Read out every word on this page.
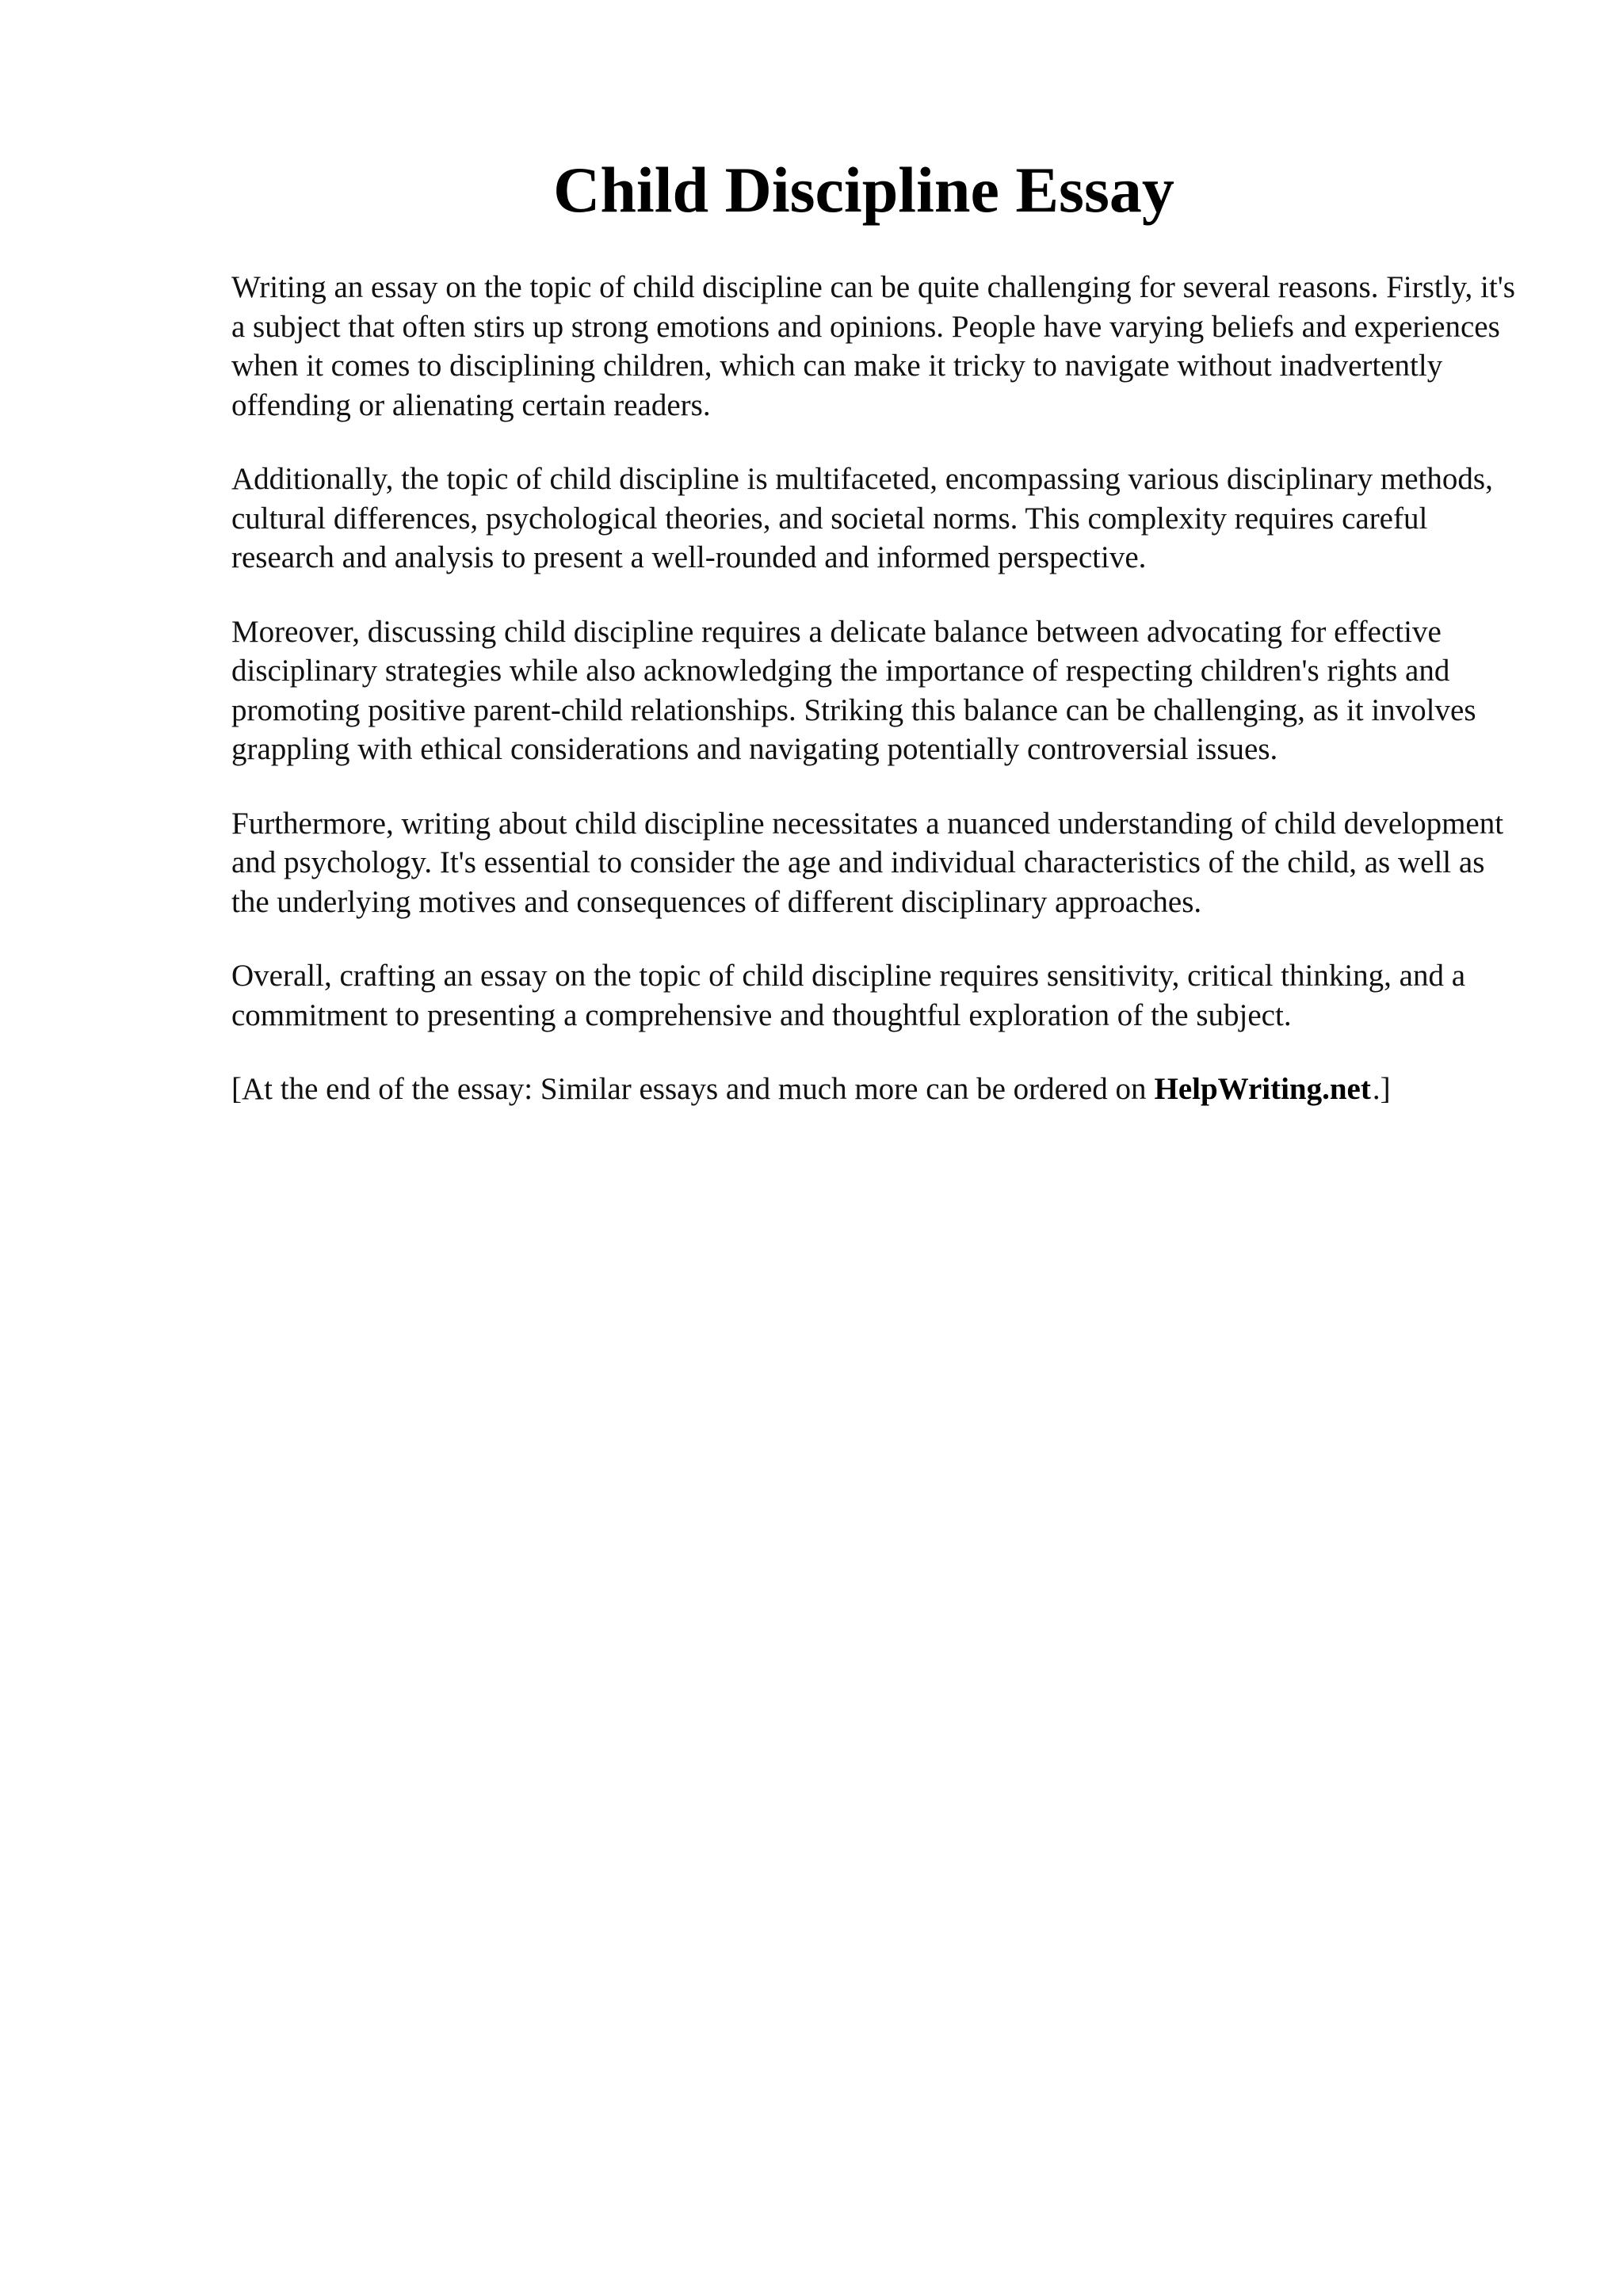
Child Discipline Essay

Writing an essay on the topic of child discipline can be quite challenging for several reasons. Firstly, it's a subject that often stirs up strong emotions and opinions. People have varying beliefs and experiences when it comes to disciplining children, which can make it tricky to navigate without inadvertently offending or alienating certain readers.

Additionally, the topic of child discipline is multifaceted, encompassing various disciplinary methods, cultural differences, psychological theories, and societal norms. This complexity requires careful research and analysis to present a well-rounded and informed perspective.

Moreover, discussing child discipline requires a delicate balance between advocating for effective disciplinary strategies while also acknowledging the importance of respecting children's rights and promoting positive parent-child relationships. Striking this balance can be challenging, as it involves grappling with ethical considerations and navigating potentially controversial issues.

Furthermore, writing about child discipline necessitates a nuanced understanding of child development and psychology. It's essential to consider the age and individual characteristics of the child, as well as the underlying motives and consequences of different disciplinary approaches.

Overall, crafting an essay on the topic of child discipline requires sensitivity, critical thinking, and a commitment to presenting a comprehensive and thoughtful exploration of the subject.

[At the end of the essay: Similar essays and much more can be ordered on HelpWriting.net.]
